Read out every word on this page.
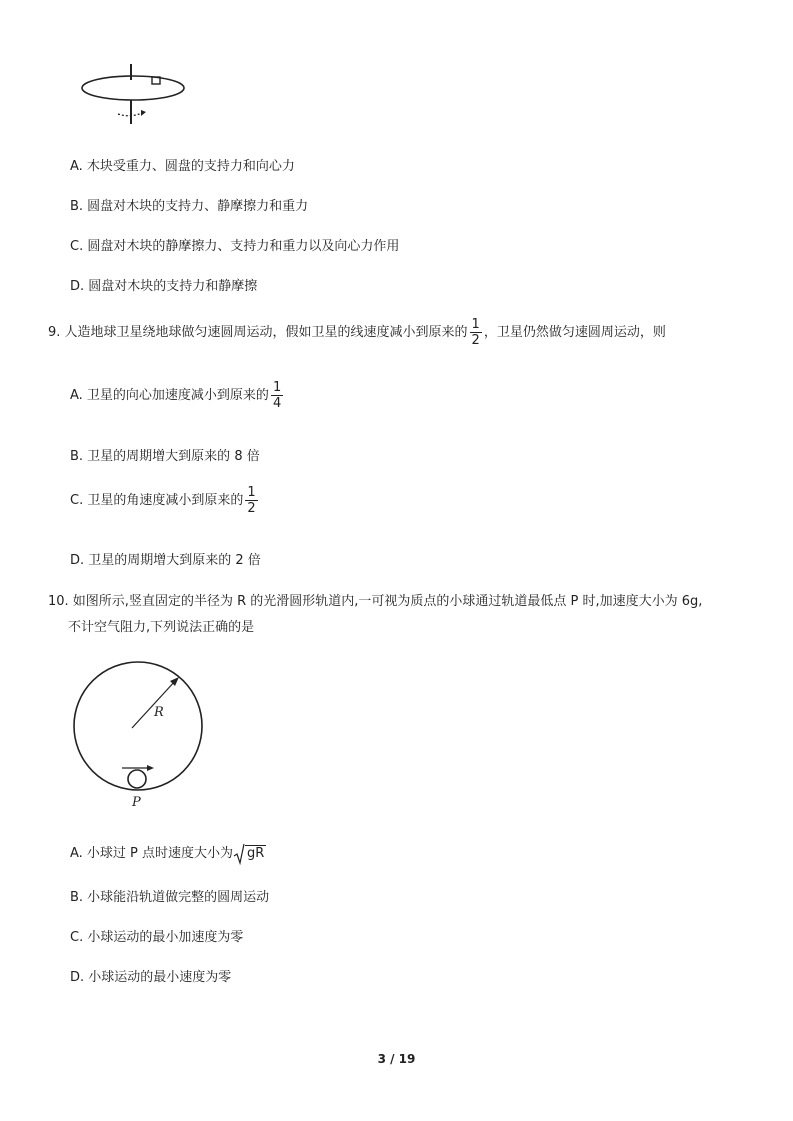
A. 木块受重力、圆盘的支持力和向心力
B. 圆盘对木块的支持力、静摩擦力和重力
C. 圆盘对木块的静摩擦力、支持力和重力以及向心力作用
D. 圆盘对木块的支持力和静摩擦
9. 人造地球卫星绕地球做匀速圆周运动，假如卫星的线速度减小到原来的 $\frac{1}{2}$ ，卫星仍然做匀速圆周运动，则
A. 卫星的向心加速度减小到原来的 $\frac{1}{4}$
B. 卫星的周期增大到原来的 8 倍
C. 卫星的角速度减小到原来的 $\frac{1}{2}$
D. 卫星的周期增大到原来的 2 倍
10. 如图所示,竖直固定的半径为 R 的光滑圆形轨道内,一可视为质点的小球通过轨道最低点 P 时,加速度大小为 6g,
不计空气阻力,下列说法正确的是
R
P
A. 小球过 P 点时速度大小为 gR
B. 小球能沿轨道做完整的圆周运动
C. 小球运动的最小加速度为零
D. 小球运动的最小速度为零
3 / 19
